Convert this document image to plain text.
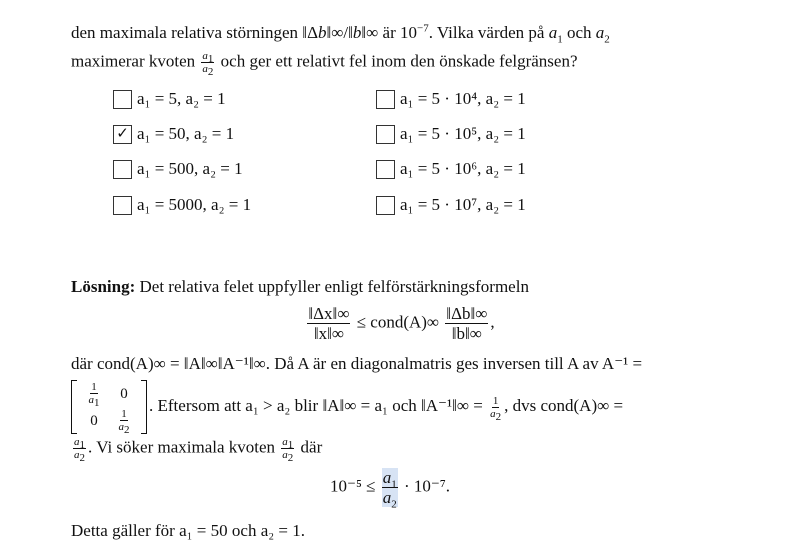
den maximala relativa störningen ‖Δb‖∞/‖b‖∞ är $10^{-7}$. Vilka värden på $a_1$ och $a_2$
maximerar kvoten $\frac{a_1}{a_2}$ och ger ett relativt fel inom den önskade felgränsen?
a₁ = 5, a₂ = 1
✓ a₁ = 50, a₂ = 1
a₁ = 500, a₂ = 1
a₁ = 5000, a₂ = 1
a₁ = 5 · 10⁴, a₂ = 1
a₁ = 5 · 10⁵, a₂ = 1
a₁ = 5 · 10⁶, a₂ = 1
a₁ = 5 · 10⁷, a₂ = 1
Lösning: Det relativa felet uppfyller enligt felförstärkningsformeln
$\frac{‖\Delta x‖\infty}{‖x‖\infty}$ ≤ cond(A)∞ $\frac{‖\Delta b‖\infty}{‖b‖\infty}$ ,
där cond(A)∞ = ‖A‖∞‖A⁻¹‖∞. Då A är en diagonalmatris ges inversen till A av A⁻¹ =
$\frac{1}{a_1} 0$
0	$\frac{1}{a_2}$
. Eftersom att a₁ > a₂ blir ‖A‖∞ = a₁ och ‖A⁻¹‖∞ = $\frac{1}{a_2}$ , dvs cond(A)∞ =
$\frac{a_1}{a_2}$ . Vi söker maximala kvoten $\frac{a_1}{a_2}$ där
$10^{-5} \le \frac{a_1}{a_2} \cdot 10^{-7}$.
Detta gäller för a₁ = 50 och a₂ = 1.
